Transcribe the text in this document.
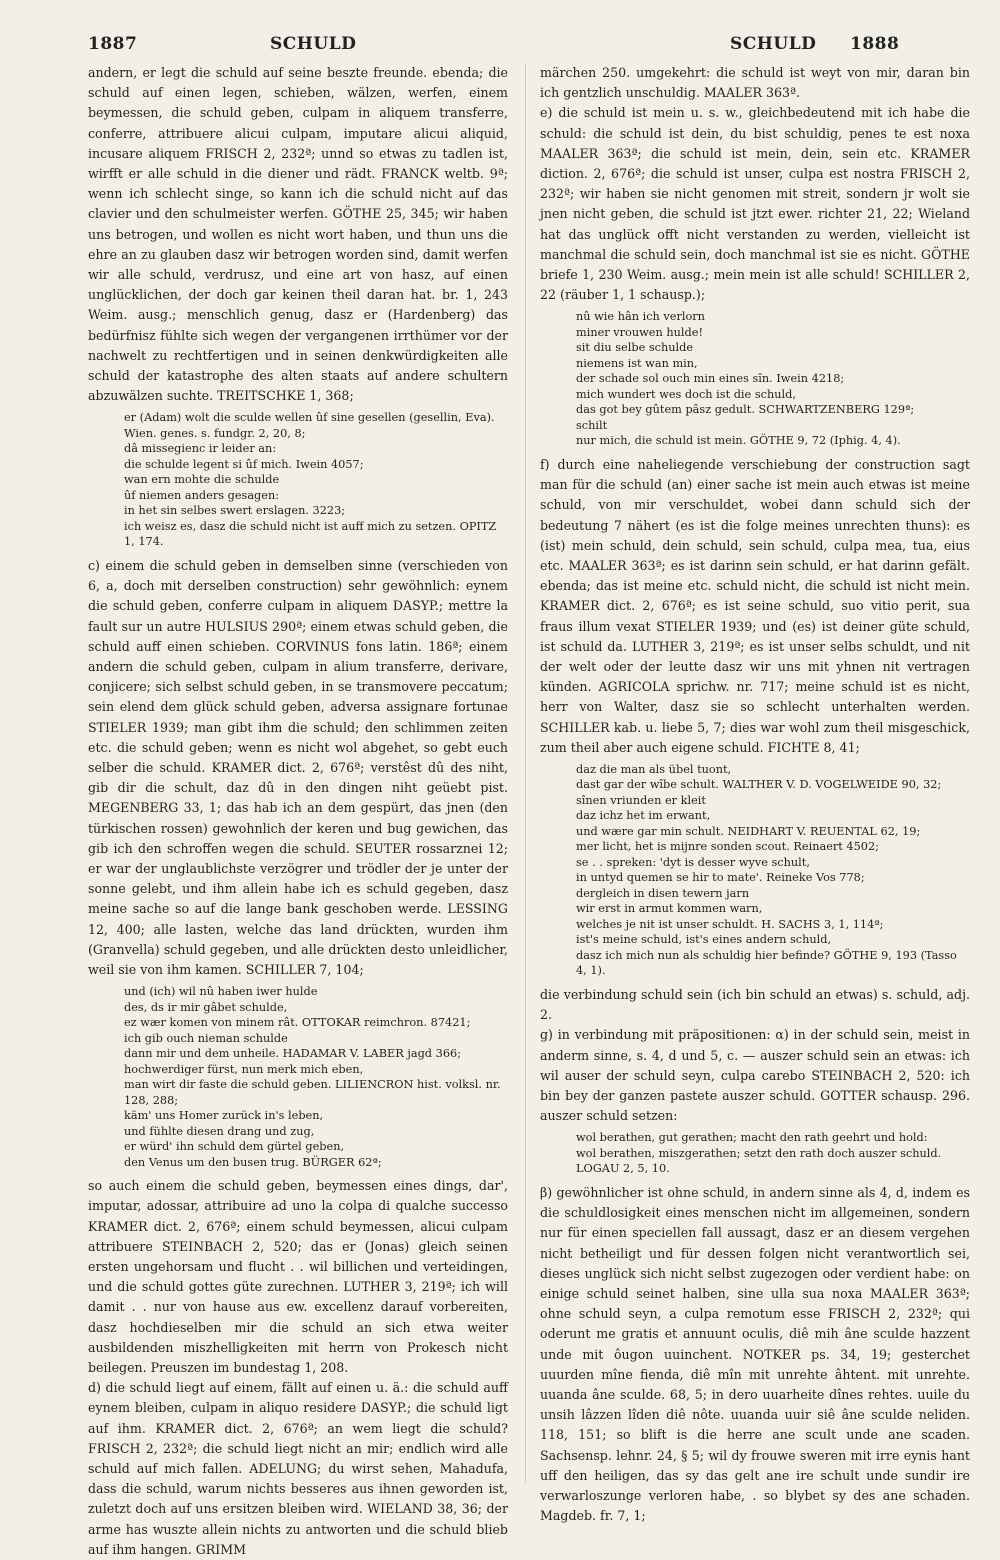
1887	SCHULD	SCHULD 1888

andern, er legt die schuld auf seine beszte freunde. ebenda; die schuld auf einen legen, schieben, wälzen, werfen, einem beymessen, die schuld geben, culpam in aliquem transferre, conferre, attribuere alicui culpam, imputare alicui aliquid, incusare aliquem FRISCH 2, 232ª; unnd so etwas zu tadlen ist, wirfft er alle schuld in die diener und rädt. FRANCK weltb. 9ª; wenn ich schlecht singe, so kann ich die schuld nicht auf das clavier und den schulmeister werfen. GÖTHE 25, 345; wir haben uns betrogen, und wollen es nicht wort haben, und thun uns die ehre an zu glauben dasz wir betrogen worden sind, damit werfen wir alle schuld, verdrusz, und eine art von hasz, auf einen unglücklichen, der doch gar keinen theil daran hat. br. 1, 243 Weim. ausg.; menschlich genug, dasz er (Hardenberg) das bedürfnisz fühlte sich wegen der vergangenen irrthümer vor der nachwelt zu rechtfertigen und in seinen denkwürdigkeiten alle schuld der katastrophe des alten staats auf andere schultern abzuwälzen suchte. TREITSCHKE 1, 368;

er (Adam) wolt die sculde wellen ûf sine gesellen (gesellin, Eva). Wien. genes. s. fundgr. 2, 20, 8;
dâ missegienc ir leider an:
die schulde legent si ûf mich. Iwein 4057;
wan ern mohte die schulde
ûf niemen anders gesagen:
in het sin selbes swert erslagen. 3223;
ich weisz es, dasz die schuld nicht ist auff mich zu setzen. OPITZ 1, 174.

c) einem die schuld geben in demselben sinne (verschieden von 6, a, doch mit derselben construction) sehr gewöhnlich: eynem die schuld geben, conferre culpam in aliquem DASYP.; mettre la fault sur un autre HULSIUS 290ª; einem etwas schuld geben, die schuld auff einen schieben. CORVINUS fons latin. 186ª; einem andern die schuld geben, culpam in alium transferre, derivare, conjicere; sich selbst schuld geben, in se transmovere peccatum; sein elend dem glück schuld geben, adversa assignare fortunae STIELER 1939; man gibt ihm die schuld; den schlimmen zeiten etc. die schuld geben; wenn es nicht wol abgehet, so gebt euch selber die schuld. KRAMER dict. 2, 676ª; verstêst dû des niht, gib dir die schult, daz dû in den dingen niht geüebt pist. MEGENBERG 33, 1; das hab ich an dem gespürt, das jnen (den türkischen rossen) gewohnlich der keren und bug gewichen, das gib ich den schroffen wegen die schuld. SEUTER rossarznei 12; er war der unglaublichste verzögrer und trödler der je unter der sonne gelebt, und ihm allein habe ich es schuld gegeben, dasz meine sache so auf die lange bank geschoben werde. LESSING 12, 400; alle lasten, welche das land drückten, wurden ihm (Granvella) schuld gegeben, und alle drückten desto unleidlicher, weil sie von ihm kamen. SCHILLER 7, 104;

und (ich) wil nû haben iwer hulde
des, ds ir mir gâbet schulde,
ez wær komen von minem rât. OTTOKAR reimchron. 87421;
ich gib ouch nieman schulde
dann mir und dem unheile. HADAMAR V. LABER jagd 366;
hochwerdiger fürst, nun merk mich eben,
man wirt dir faste die schuld geben. LILIENCRON hist. volksl. nr. 128, 288;
käm' uns Homer zurück in's leben,
und fühlte diesen drang und zug,
er würd' ihn schuld dem gürtel geben,
den Venus um den busen trug. BÜRGER 62ª;

so auch einem die schuld geben, beymessen eines dings, dar', imputar, adossar, attribuire ad uno la colpa di qualche successo KRAMER dict. 2, 676ª; einem schuld beymessen, alicui culpam attribuere STEINBACH 2, 520; das er (Jonas) gleich seinen ersten ungehorsam und flucht . . wil billichen und verteidingen, und die schuld gottes güte zurechnen. LUTHER 3, 219ª; ich will damit . . nur von hause aus ew. excellenz darauf vorbereiten, dasz hochdieselben mir die schuld an sich etwa weiter ausbildenden miszhelligkeiten mit herrn von Prokesch nicht beilegen. Preuszen im bundestag 1, 208.

d) die schuld liegt auf einem, fällt auf einen u. ä.: die schuld auff eynem bleiben, culpam in aliquo residere DASYP.; die schuld ligt auf ihm. KRAMER dict. 2, 676ª; an wem liegt die schuld? FRISCH 2, 232ª; die schuld liegt nicht an mir; endlich wird alle schuld auf mich fallen. ADELUNG; du wirst sehen, Mahadufa, dass die schuld, warum nichts besseres aus ihnen geworden ist, zuletzt doch auf uns ersitzen bleiben wird. WIELAND 38, 36; der arme has wuszte allein nichts zu antworten und die schuld blieb auf ihm hangen. GRIMM

märchen 250. umgekehrt: die schuld ist weyt von mir, daran bin ich gentzlich unschuldig. MAALER 363ª.

e) die schuld ist mein u. s. w., gleichbedeutend mit ich habe die schuld: die schuld ist dein, du bist schuldig, penes te est noxa MAALER 363ª; die schuld ist mein, dein, sein etc. KRAMER diction. 2, 676ª; die schuld ist unser, culpa est nostra FRISCH 2, 232ª; wir haben sie nicht genomen mit streit, sondern jr wolt sie jnen nicht geben, die schuld ist jtzt ewer. richter 21, 22; Wieland hat das unglück offt nicht verstanden zu werden, vielleicht ist manchmal die schuld sein, doch manchmal ist sie es nicht. GÖTHE briefe 1, 230 Weim. ausg.; mein mein ist alle schuld! SCHILLER 2, 22 (räuber 1, 1 schausp.);

nû wie hân ich verlorn
miner vrouwen hulde!
sit diu selbe schulde
niemens ist wan min,
der schade sol ouch min eines sîn. Iwein 4218;
mich wundert wes doch ist die schuld,
das got bey gûtem pâsz gedult. SCHWARTZENBERG 129ª;
schilt
nur mich, die schuld ist mein. GÖTHE 9, 72 (Iphig. 4, 4).

f) durch eine naheliegende verschiebung der construction sagt man für die schuld (an) einer sache ist mein auch etwas ist meine schuld, von mir verschuldet, wobei dann schuld sich der bedeutung 7 nähert (es ist die folge meines unrechten thuns): es (ist) mein schuld, dein schuld, sein schuld, culpa mea, tua, eius etc. MAALER 363ª; es ist darinn sein schuld, er hat darinn gefält. ebenda; das ist meine etc. schuld nicht, die schuld ist nicht mein. KRAMER dict. 2, 676ª; es ist seine schuld, suo vitio perit, sua fraus illum vexat STIELER 1939; und (es) ist deiner güte schuld, ist schuld da. LUTHER 3, 219ª; es ist unser selbs schuldt, und nit der welt oder der leutte dasz wir uns mit yhnen nit vertragen künden. AGRICOLA sprichw. nr. 717; meine schuld ist es nicht, herr von Walter, dasz sie so schlecht unterhalten werden. SCHILLER kab. u. liebe 5, 7; dies war wohl zum theil misgeschick, zum theil aber auch eigene schuld. FICHTE 8, 41;

daz die man als übel tuont,
dast gar der wîbe schult. WALTHER V. D. VOGELWEIDE 90, 32;
sînen vriunden er kleit
daz ichz het im erwant,
und wære gar min schult. NEIDHART V. REUENTAL 62, 19;
mer licht, het is mijnre sonden scout. Reinaert 4502;
se . . spreken: 'dyt is desser wyve schult,
in untyd quemen se hir to mate'. Reineke Vos 778;
dergleich in disen tewern jarn
wir erst in armut kommen warn,
welches je nit ist unser schuldt. H. SACHS 3, 1, 114ª;
ist's meine schuld, ist's eines andern schuld,
dasz ich mich nun als schuldig hier befinde? GÖTHE 9, 193 (Tasso 4, 1).

die verbindung schuld sein (ich bin schuld an etwas) s. schuld, adj. 2.

g) in verbindung mit präpositionen: α) in der schuld sein, meist in anderm sinne, s. 4, d und 5, c. — auszer schuld sein an etwas: ich wil auser der schuld seyn, culpa carebo STEINBACH 2, 520: ich bin bey der ganzen pastete auszer schuld. GOTTER schausp. 296. auszer schuld setzen:

wol berathen, gut gerathen; macht den rath geehrt und hold:
wol berathen, miszgerathen; setzt den rath doch auszer schuld. LOGAU 2, 5, 10.

β) gewöhnlicher ist ohne schuld, in andern sinne als 4, d, indem es die schuldlosigkeit eines menschen nicht im allgemeinen, sondern nur für einen speciellen fall aussagt, dasz er an diesem vergehen nicht betheiligt und für dessen folgen nicht verantwortlich sei, dieses unglück sich nicht selbst zugezogen oder verdient habe: on einige schuld seinet halben, sine ulla sua noxa MAALER 363ª; ohne schuld seyn, a culpa remotum esse FRISCH 2, 232ª; qui oderunt me gratis et annuunt oculis, diê mih âne sculde hazzent unde mit ôugon uuinchent. NOTKER ps. 34, 19; gesterchet uuurden mîne fienda, diê mîn mit unrehte âhtent. mit unrehte. uuanda âne sculde. 68, 5; in dero uuarheite dînes rehtes. uuile du unsih lâzzen lîden diê nôte. uuanda uuir siê âne sculde neliden. 118, 151; so blift is die herre ane scult unde ane scaden. Sachsensp. lehnr. 24, § 5; wil dy frouwe sweren mit irre eynis hant uff den heiligen, das sy das gelt ane ire schult unde sundir ire verwarloszunge verloren habe, . so blybet sy des ane schaden. Magdeb. fr. 7, 1;
